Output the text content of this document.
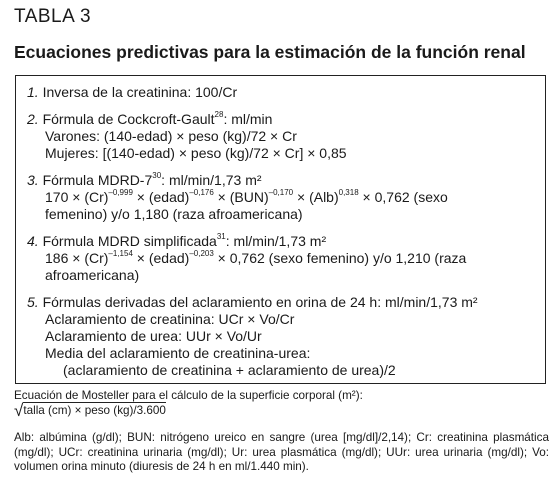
TABLA 3
Ecuaciones predictivas para la estimación de la función renal
1. Inversa de la creatinina: 100/Cr
2. Fórmula de Cockcroft-Gault$^{28}$: ml/min
Varones: (140-edad) × peso (kg)/72 × Cr
Mujeres: [(140-edad) × peso (kg)/72 × Cr] × 0,85
3. Fórmula MDRD-$7^{30}$: ml/min/1,73 m²
$170 \times (Cr)^{-0,999}$ × (edad)$^{-0,176}$ × (BUN)$^{-0,170}$ × (Alb)$^{0,318}$ × 0,762 (sexo
femenino) y/o 1,180 (raza afroamericana)
4. Fórmula MDRD simplificada$^{31}$: ml/min/1,73 m²
$186 \times (Cr)^{-1,154}$ × (edad)$^{-0,203}$ × 0,762 (sexo femenino) y/o 1,210 (raza
afroamericana)
5. Fórmulas derivadas del aclaramiento en orina de 24 h: ml/min/1,73 m²
Aclaramiento de creatinina: UCr × Vo/Cr
Aclaramiento de urea: UUr × Vo/Ur
Media del aclaramiento de creatinina-urea:
(aclaramiento de creatinina + aclaramiento de urea)/2
Ecuación de Mosteller para el cálculo de la superficie corporal (m²):
√talla (cm) × peso (kg)/3.600
Alb: albúmina (g/dl); BUN: nitrógeno ureico en sangre (urea [mg/dl]/2,14); Cr: creatinina plasmática (mg/dl); UCr: creatinina urinaria (mg/dl); Ur: urea plasmática (mg/dl); UUr: urea urinaria (mg/dl); Vo: volumen orina minuto (diuresis de 24 h en ml/1.440 min).
